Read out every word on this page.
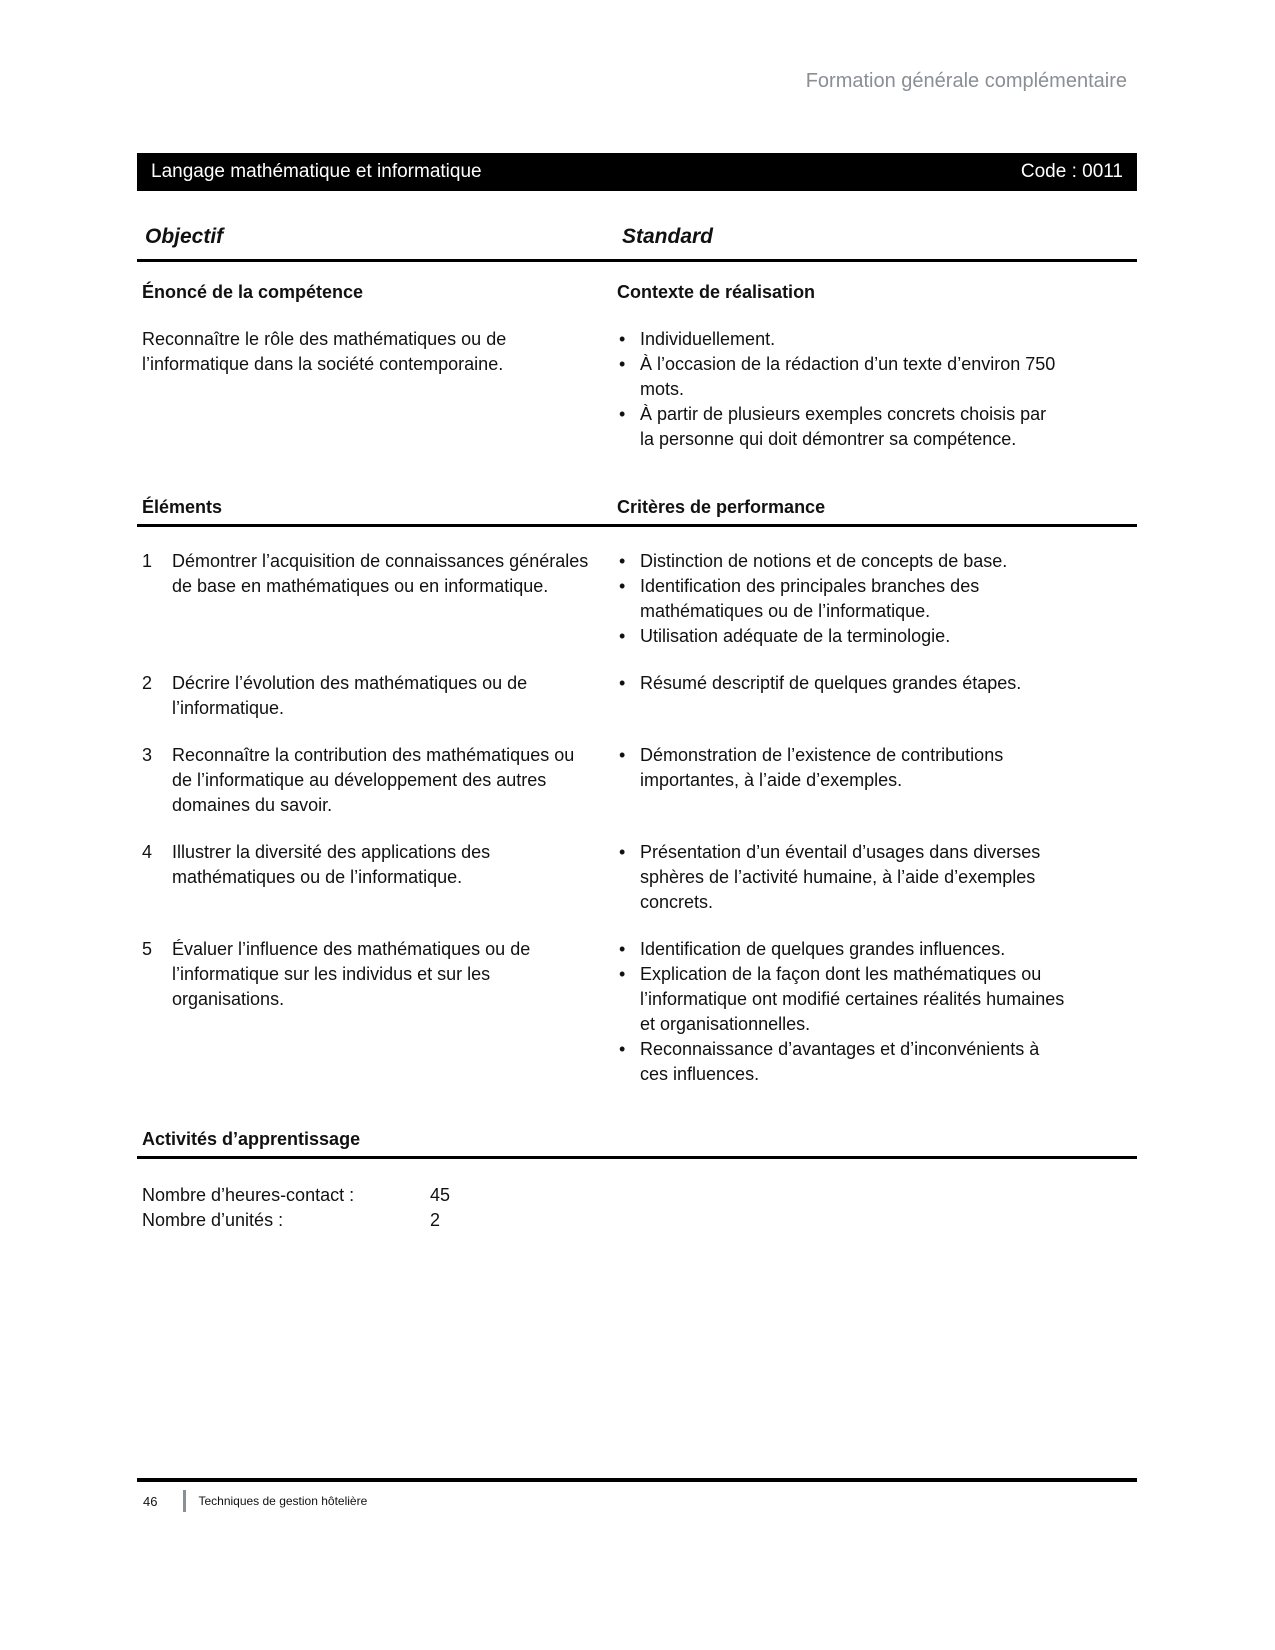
Formation générale complémentaire
Langage mathématique et informatique	Code : 0011
Objectif	Standard
Énoncé de la compétence	Contexte de réalisation
Reconnaître le rôle des mathématiques ou de l’informatique dans la société contemporaine.
• Individuellement.
• À l’occasion de la rédaction d’un texte d’environ 750 mots.
• À partir de plusieurs exemples concrets choisis par la personne qui doit démontrer sa compétence.
Éléments	Critères de performance
1	Démontrer l’acquisition de connaissances générales de base en mathématiques ou en informatique.
• Distinction de notions et de concepts de base.
• Identification des principales branches des mathématiques ou de l’informatique.
• Utilisation adéquate de la terminologie.
2	Décrire l’évolution des mathématiques ou de l’informatique.
• Résumé descriptif de quelques grandes étapes.
3	Reconnaître la contribution des mathématiques ou de l’informatique au développement des autres domaines du savoir.
• Démonstration de l’existence de contributions importantes, à l’aide d’exemples.
4	Illustrer la diversité des applications des mathématiques ou de l’informatique.
• Présentation d’un éventail d’usages dans diverses sphères de l’activité humaine, à l’aide d’exemples concrets.
5	Évaluer l’influence des mathématiques ou de l’informatique sur les individus et sur les organisations.
• Identification de quelques grandes influences.
• Explication de la façon dont les mathématiques ou l’informatique ont modifié certaines réalités humaines et organisationnelles.
• Reconnaissance d’avantages et d’inconvénients à ces influences.
Activités d’apprentissage
Nombre d’heures-contact :	45
Nombre d’unités :	2
46	Techniques de gestion hôtelière
